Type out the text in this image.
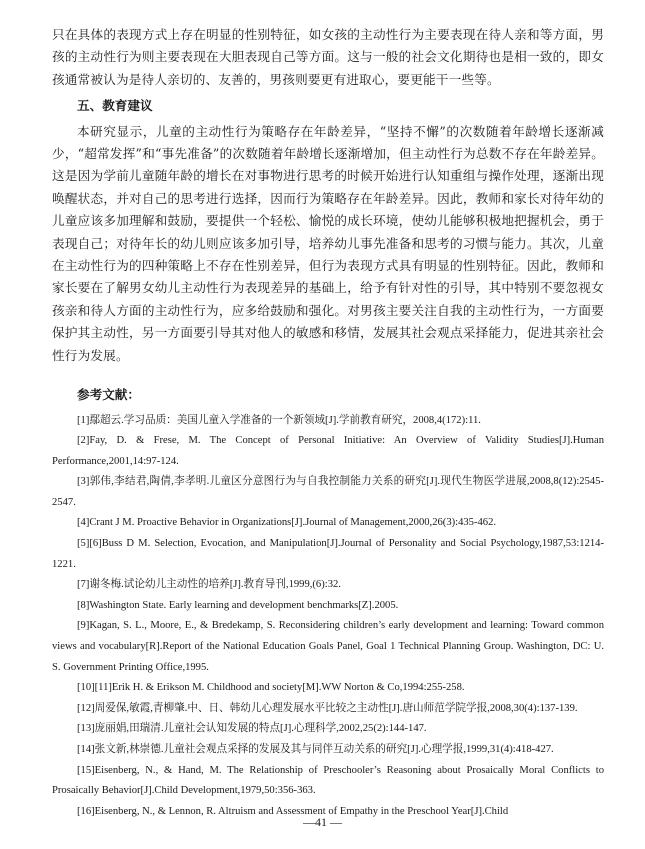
只在具体的表现方式上存在明显的性别特征，如女孩的主动性行为主要表现在待人亲和等方面，男孩的主动性行为则主要表现在大胆表现自己等方面。这与一般的社会文化期待也是相一致的，即女孩通常被认为是待人亲切的、友善的，男孩则要更有进取心，要更能干一些等。

五、教育建议

本研究显示，儿童的主动性行为策略存在年龄差异，“坚持不懈”的次数随着年龄增长逐渐减少，“超常发挥”和“事先准备”的次数随着年龄增长逐渐增加，但主动性行为总数不存在年龄差异。这是因为学前儿童随年龄的增长在对事物进行思考的时候开始进行认知重组与操作处理，逐渐出现唤醒状态，并对自己的思考进行选择，因而行为策略存在年龄差异。因此，教师和家长对待年幼的儿童应该多加理解和鼓励，要提供一个轻松、愉悦的成长环境，使幼儿能够积极地把握机会，勇于表现自己；对待年长的幼儿则应该多加引导，培养幼儿事先准备和思考的习惯与能力。其次，儿童在主动性行为的四种策略上不存在性别差异，但行为表现方式具有明显的性别特征。因此，教师和家长要在了解男女幼儿主动性行为表现差异的基础上，给予有针对性的引导，其中特别不要忽视女孩亲和待人方面的主动性行为，应多给鼓励和强化。对男孩主要关注自我的主动性行为，一方面要保护其主动性，另一方面要引导其对他人的敏感和移情，发展其社会观点采择能力，促进其亲社会性行为发展。

参考文献：
[1]鄢超云.学习品质：美国儿童入学准备的一个新领域[J].学前教育研究，2008,4(172):11.
[2]Fay, D. & Frese, M. The Concept of Personal Initiative: An Overview of Validity Studies[J].Human Performance,2001,14:97-124.
[3]郭伟,李结君,陶倩,李孝明.儿童区分意图行为与自我控制能力关系的研究[J].现代生物医学进展,2008,8(12):2545-2547.
[4]Crant J M. Proactive Behavior in Organizations[J].Journal of Management,2000,26(3):435-462.
[5][6]Buss D M. Selection, Evocation, and Manipulation[J].Journal of Personality and Social Psychology,1987,53:1214-1221.
[7]谢冬梅.试论幼儿主动性的培养[J].教育导刊,1999,(6):32.
[8]Washington State. Early learning and development benchmarks[Z].2005.
[9]Kagan, S. L., Moore, E., & Bredekamp, S. Reconsidering children’s early development and learning: Toward common views and vocabulary[R].Report of the National Education Goals Panel, Goal 1 Technical Planning Group. Washington, DC: U. S. Government Printing Office,1995.
[10][11]Erik H. & Erikson M. Childhood and society[M].WW Norton & Co,1994:255-258.
[12]周爱保,敏霞,青柳肇.中、日、韩幼儿心理发展水平比较之主动性[J].唐山师范学院学报,2008,30(4):137-139.
[13]庞丽娟,田瑞清.儿童社会认知发展的特点[J].心理科学,2002,25(2):144-147.
[14]张文新,林崇德.儿童社会观点采择的发展及其与同伴互动关系的研究[J].心理学报,1999,31(4):418-427.
[15]Eisenberg, N., & Hand, M. The Relationship of Preschooler’s Reasoning about Prosaically Moral Conflicts to Prosaically Behavior[J].Child Development,1979,50:356-363.
[16]Eisenberg, N., & Lennon, R. Altruism and Assessment of Empathy in the Preschool Year[J].Child
—41 —
